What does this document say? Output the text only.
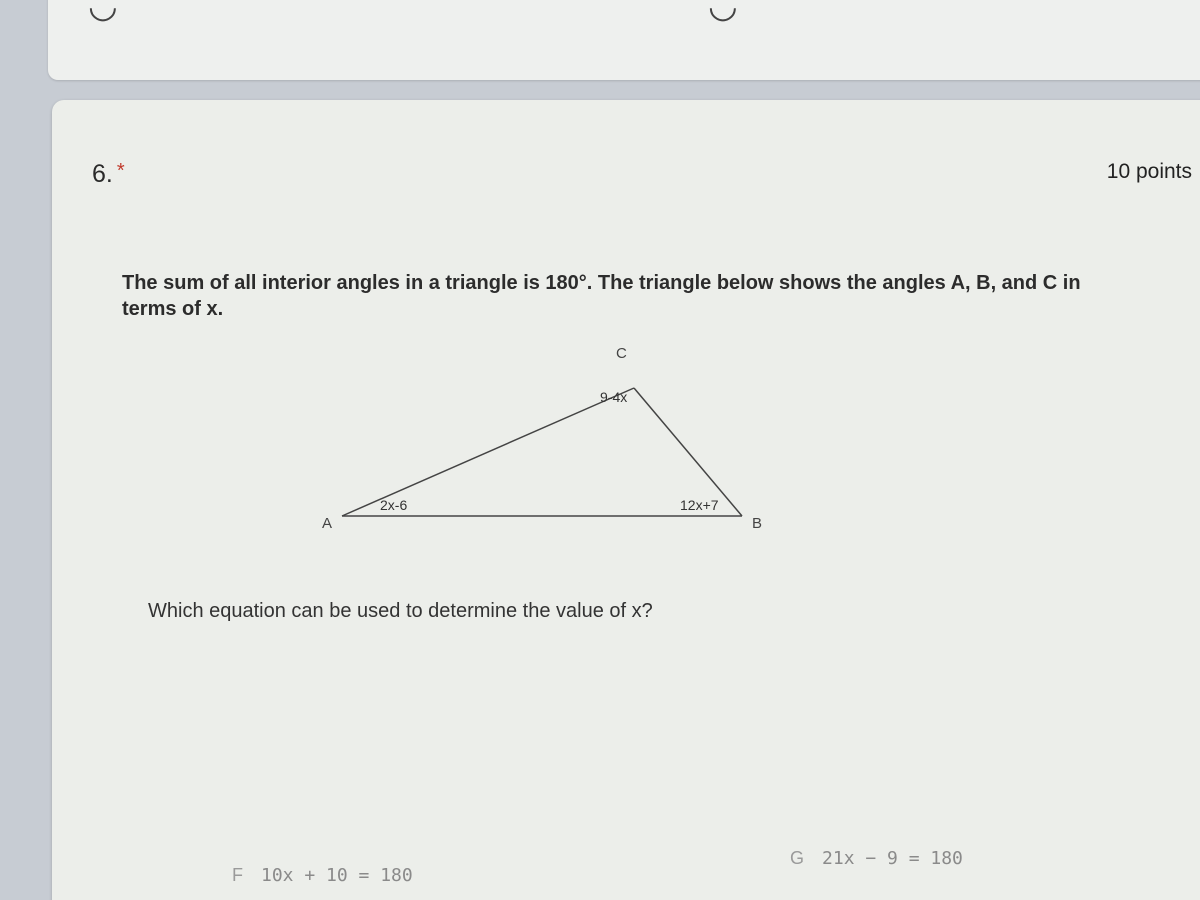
◡	◡
6. *	10 points
The sum of all interior angles in a triangle is 180°. The triangle below shows the angles A, B, and C in terms of x.
A	B
C
2x-6	12x+7
9-4x
Which equation can be used to determine the value of x?
F 10x + 10 = 180
G 21x − 9 = 180
